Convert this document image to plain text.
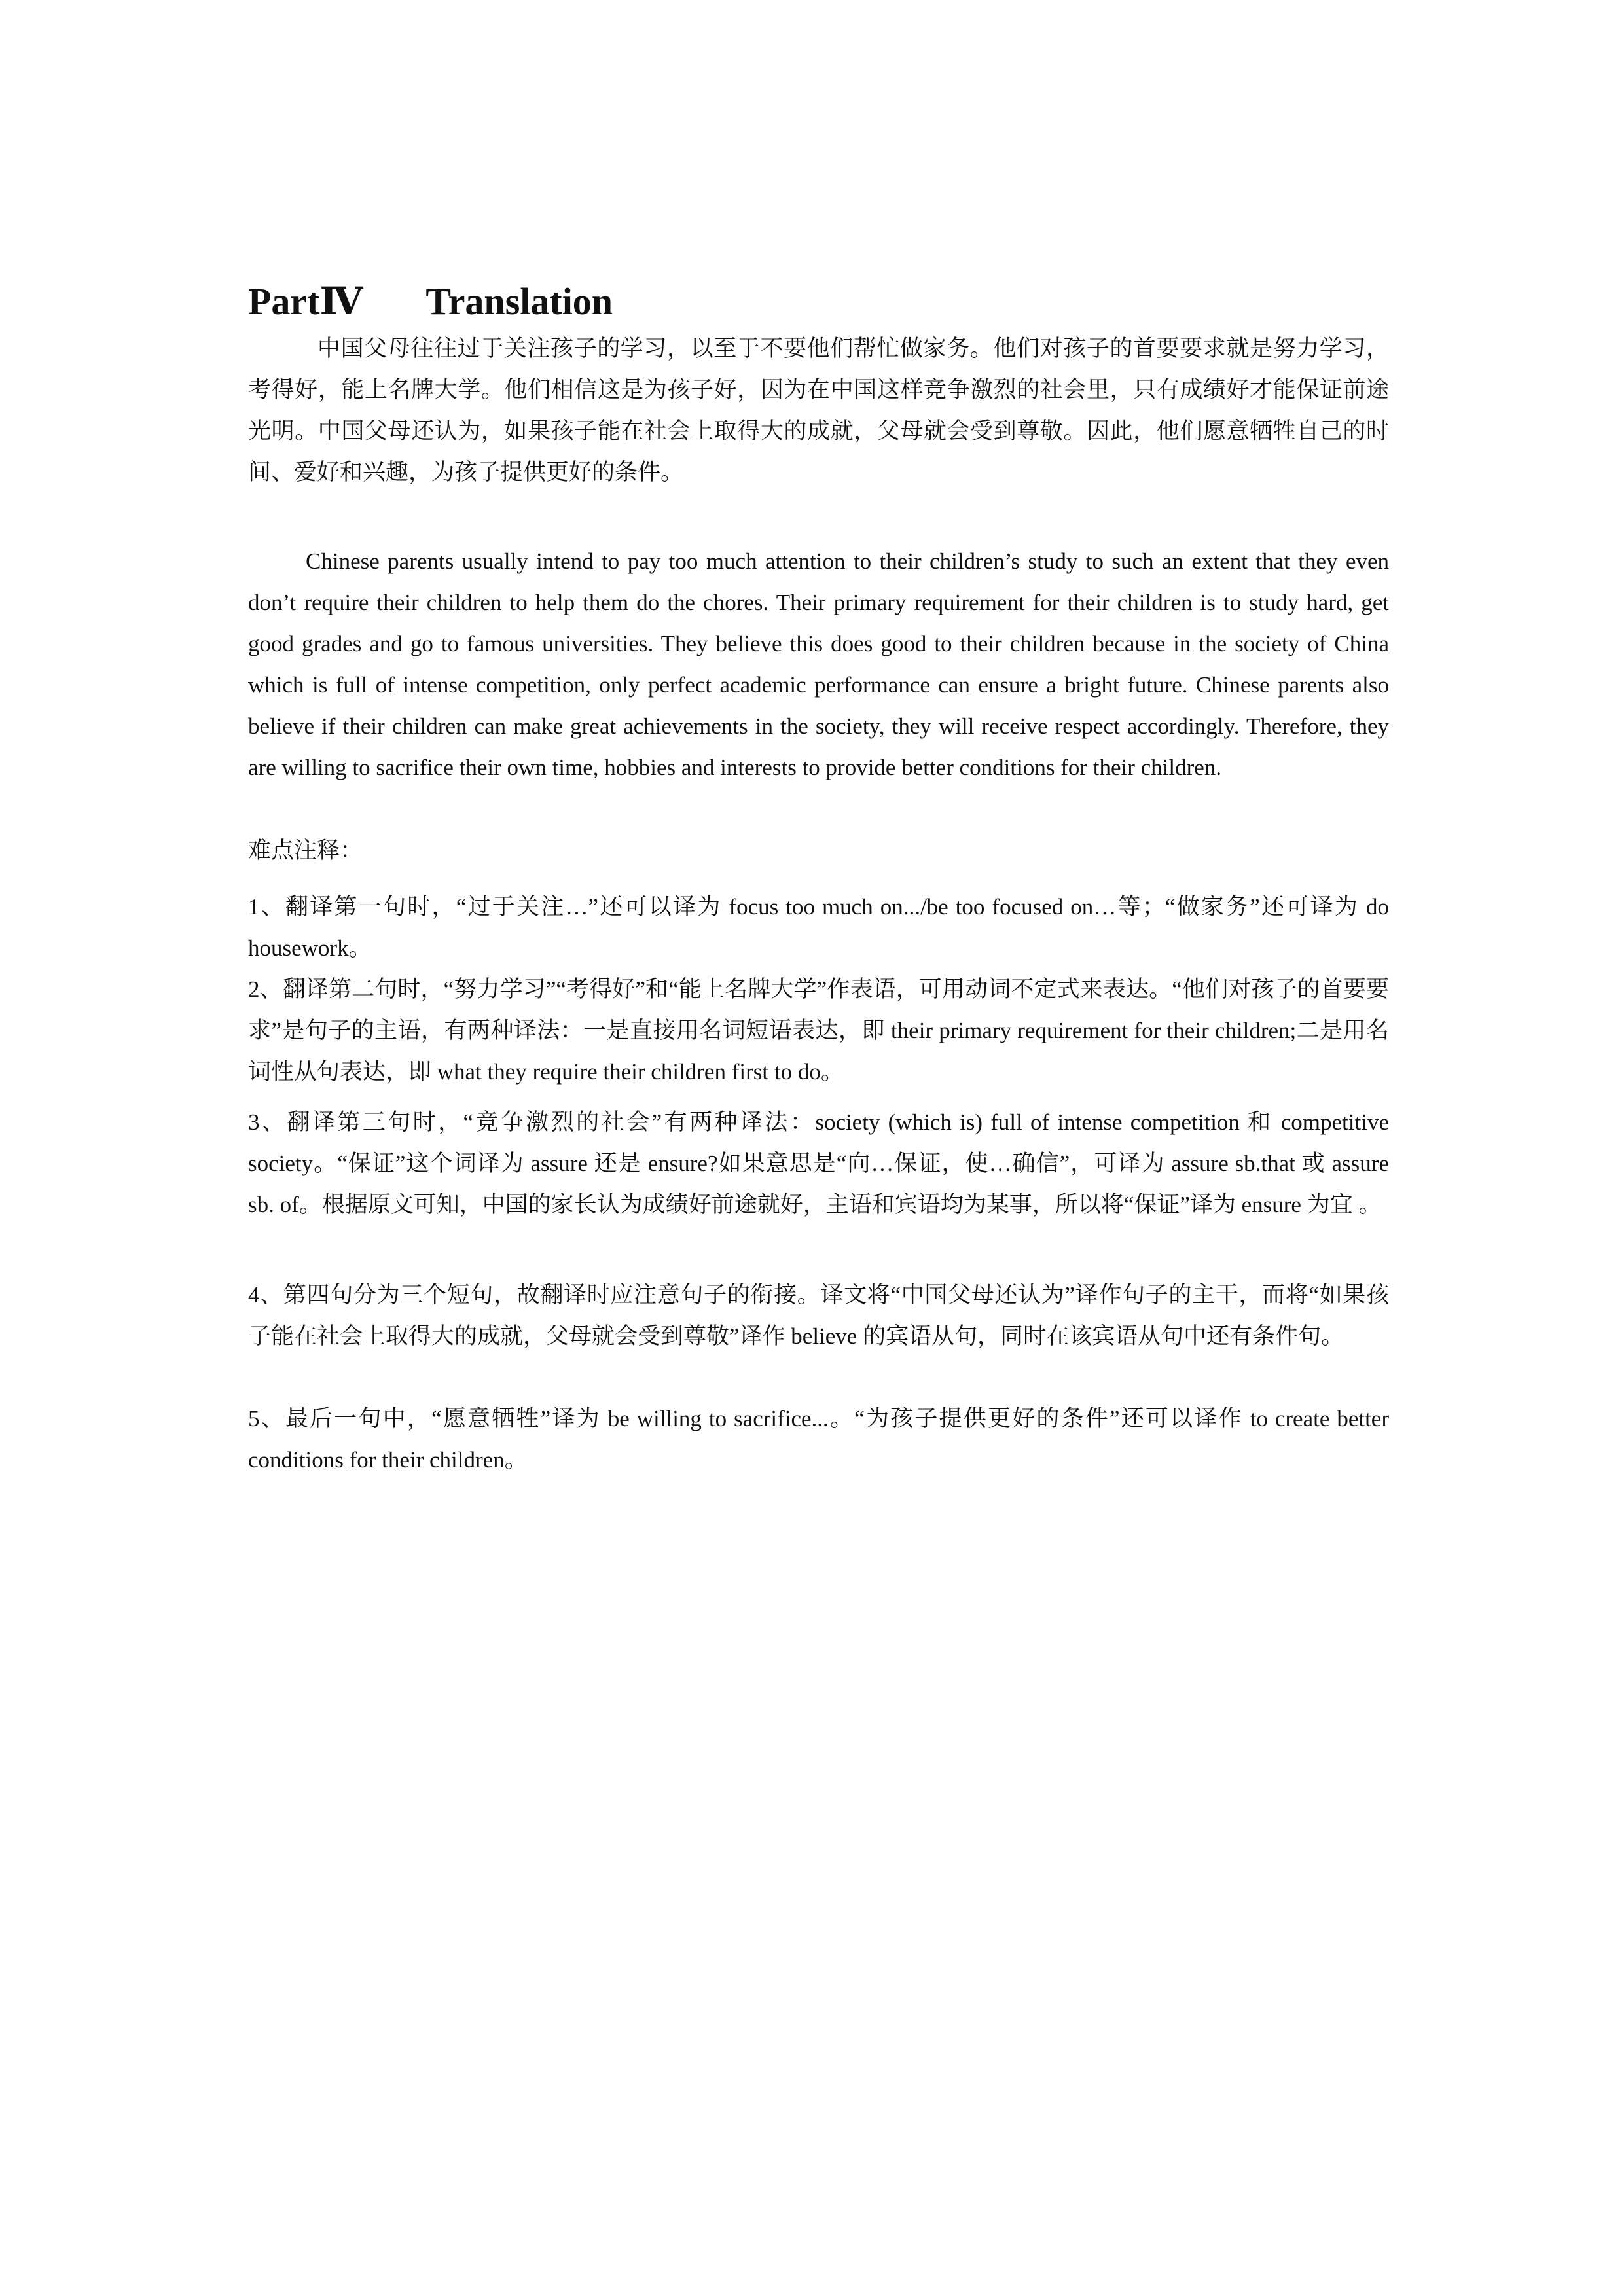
PartⅣ Translation

中国父母往往过于关注孩子的学习，以至于不要他们帮忙做家务。他们对孩子的首要要求就是努力学习，考得好，能上名牌大学。他们相信这是为孩子好，因为在中国这样竞争激烈的社会里，只有成绩好才能保证前途光明。中国父母还认为，如果孩子能在社会上取得大的成就，父母就会受到尊敬。因此，他们愿意牺牲自己的时间、爱好和兴趣，为孩子提供更好的条件。

Chinese parents usually intend to pay too much attention to their children’s study to such an extent that they even don’t require their children to help them do the chores. Their primary requirement for their children is to study hard, get good grades and go to famous universities. They believe this does good to their children because in the society of China which is full of intense competition, only perfect academic performance can ensure a bright future. Chinese parents also believe if their children can make great achievements in the society, they will receive respect accordingly. Therefore, they are willing to sacrifice their own time, hobbies and interests to provide better conditions for their children.

难点注释：

1、翻译第一句时，“过于关注…”还可以译为 focus too much on.../be too focused on…等；“做家务”还可译为 do housework。

2、翻译第二句时，“努力学习”“考得好”和“能上名牌大学”作表语，可用动词不定式来表达。“他们对孩子的首要要求”是句子的主语，有两种译法：一是直接用名词短语表达，即 their primary requirement for their children;二是用名词性从句表达，即 what they require their children first to do。

3、翻译第三句时，“竞争激烈的社会”有两种译法：society (which is) full of intense competition 和 competitive society。“保证”这个词译为 assure 还是 ensure?如果意思是“向…保证，使…确信”，可译为 assure sb.that 或 assure sb. of。根据原文可知，中国的家长认为成绩好前途就好，主语和宾语均为某事，所以将“保证”译为 ensure 为宜 。

4、第四句分为三个短句，故翻译时应注意句子的衔接。译文将“中国父母还认为”译作句子的主干，而将“如果孩子能在社会上取得大的成就，父母就会受到尊敬”译作 believe 的宾语从句，同时在该宾语从句中还有条件句。

5、最后一句中，“愿意牺牲”译为 be willing to sacrifice...。“为孩子提供更好的条件”还可以译作 to create better conditions for their children。
